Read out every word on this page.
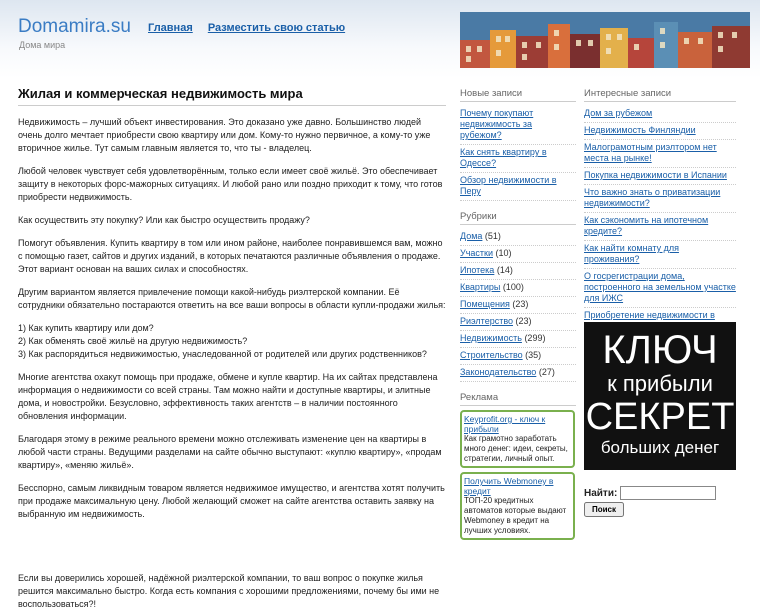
Domamira.su
Дома мира
Главная Разместить свою статью
Жилая и коммерческая недвижимость мира

Недвижимость – лучший объект инвестирования. Это доказано уже давно. Большинство людей очень долго мечтает приобрести свою квартиру или дом. Кому-то нужно первичное, а кому-то уже вторичное жилье. Тут самым главным является то, что ты - владелец.

Любой человек чувствует себя удовлетворённым, только если имеет своё жильё. Это обеспечивает защиту в некоторых форс-мажорных ситуациях. И любой рано или поздно приходит к тому, что готов приобрести недвижимость.

Как осуществить эту покупку? Или как быстро осуществить продажу?

Помогут объявления. Купить квартиру в том или ином районе, наиболее понравившемся вам, можно с помощью газет, сайтов и других изданий, в которых печатаются различные объявления о продаже. Этот вариант основан на ваших силах и способностях.

Другим вариантом является привлечение помощи какой-нибудь риэлтерской компании. Её сотрудники обязательно постараются ответить на все ваши вопросы в области купли-продажи жилья:

1) Как купить квартиру или дом?
2) Как обменять своё жильё на другую недвижимость?
3) Как распорядиться недвижимостью, унаследованной от родителей или других родственников?

Многие агентства охакут помощь при продаже, обмене и купле квартир. На их сайтах представлена информация о недвижимости со всей страны. Там можно найти и доступные квартиры, и элитные дома, и новостройки. Безусловно, эффективность таких агентств – в наличии постоянного обновления информации.

Благодаря этому в режиме реального времени можно отслеживать изменение цен на квартиры в любой части страны. Ведущими разделами на сайте обычно выступают: «куплю квартиру», «продам квартиру», «меняю жильё».

Бесспорно, самым ликвидным товаром является недвижимое имущество, и агентства хотят получить при продаже максимальную цену. Любой желающий сможет на сайте агентства оставить заявку на выбранную им недвижимость.

Если вы доверились хорошей, надёжной риэлтерской компании, то ваш вопрос о покупке жилья решится максимально быстро. Когда есть компания с хорошими предложениями, почему бы ими не воспользоваться?!
Новые записи
Почему покупают недвижимость за рубежом?
Как снять квартиру в Одессе?
Обзор недвижимости в Перу
Рубрики
Дома (51)
Участки (10)
Ипотека (14)
Квартиры (100)
Помещения (23)
Риэлтерство (23)
Недвижимость (299)
Строительство (35)
Законодательство (27)
Реклама
Keyprofit.org - ключ к прибыли
Как грамотно заработать много денег: идеи, секреты, стратегии, личный опыт.
Получить Webmoney в кредит
ТОП-20 кредитных автоматов которые выдают Webmoney в кредит на лучших условиях.
Интересные записи
Дом за рубежом
Недвижимость Финляндии
Малограмотным риэлтором нет места на рынке!
Покупка недвижимости в Испании
Что важно знать о приватизации недвижимости?
Как сэкономить на ипотечном кредите?
Как найти комнату для проживания?
О госрегистрации дома, построенного на земельном участке для ИЖС
Приобретение недвижимости в
КЛЮЧ
к прибыли
СЕКРЕТ
больших денег
Найти:
Поиск
